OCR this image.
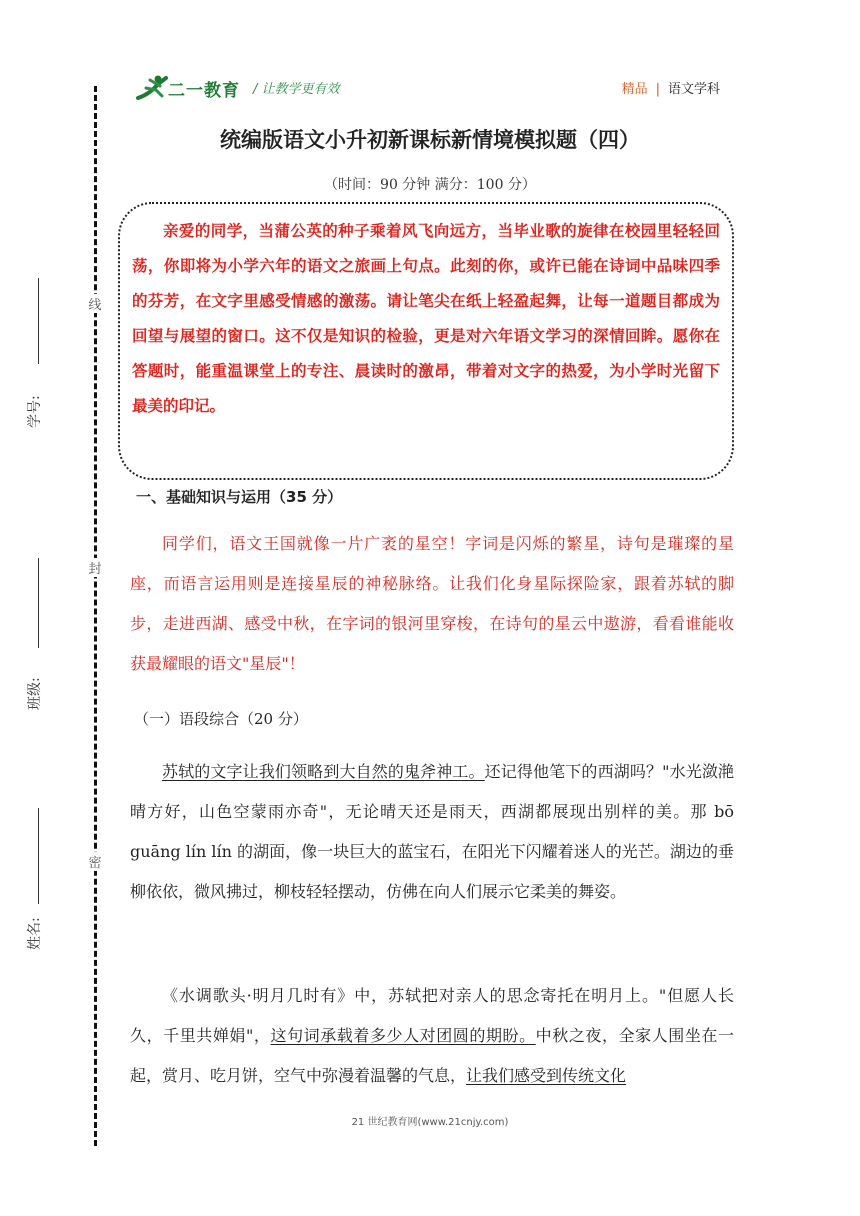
二一教育 / 让教学更有效	精品 | 语文学科
统编版语文小升初新课标新情境模拟题（四）
（时间：90 分钟 满分：100 分）
线
封
密
学号:
班级:
姓名:

亲爱的同学，当蒲公英的种子乘着风飞向远方，当毕业歌的旋律在校园里轻轻回荡，你即将为小学六年的语文之旅画上句点。此刻的你，或许已能在诗词中品味四季的芬芳，在文字里感受情感的激荡。请让笔尖在纸上轻盈起舞，让每一道题目都成为回望与展望的窗口。这不仅是知识的检验，更是对六年语文学习的深情回眸。愿你在答题时，能重温课堂上的专注、晨读时的激昂，带着对文字的热爱，为小学时光留下最美的印记。

一、基础知识与运用（35 分）

同学们，语文王国就像一片广袤的星空！字词是闪烁的繁星，诗句是璀璨的星座，而语言运用则是连接星辰的神秘脉络。让我们化身星际探险家，跟着苏轼的脚步，走进西湖、感受中秋，在字词的银河里穿梭，在诗句的星云中遨游，看看谁能收获最耀眼的语文"星辰"！

（一）语段综合（20 分）

苏轼的文字让我们领略到大自然的鬼斧神工。还记得他笔下的西湖吗？"水光潋滟晴方好，山色空蒙雨亦奇"，无论晴天还是雨天，西湖都展现出别样的美。那 bō guāng lín lín 的湖面，像一块巨大的蓝宝石，在阳光下闪耀着迷人的光芒。湖边的垂柳依依，微风拂过，柳枝轻轻摆动，仿佛在向人们展示它柔美的舞姿。

《水调歌头·明月几时有》中，苏轼把对亲人的思念寄托在明月上。"但愿人长久，千里共婵娟"，这句词承载着多少人对团圆的期盼。中秋之夜，全家人围坐在一起，赏月、吃月饼，空气中弥漫着温馨的气息，让我们感受到传统文化

21 世纪教育网(www.21cnjy.com)
